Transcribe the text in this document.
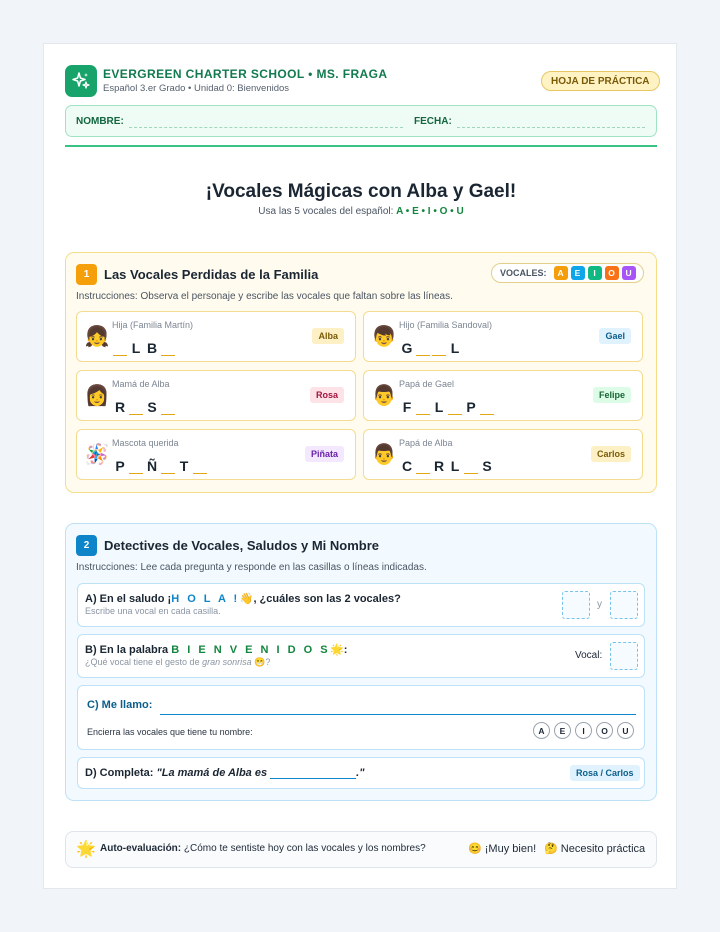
EVERGREEN CHARTER SCHOOL • MS. FRAGA
Español 3.er Grado • Unidad 0: Bienvenidos
HOJA DE PRÁCTICA
NOMBRE:	FECHA:
¡Vocales Mágicas con Alba y Gael!
Usa las 5 vocales del español: A • E • I • O • U
1	Las Vocales Perdidas de la Familia	VOCALES:	A	E	I	O	U
Instrucciones: Observa el personaje y escribe las vocales que faltan sobre las líneas.
👧
Hija (Familia Martín)
L B
Alba	👦
Hijo (Familia Sandoval)
G	L
Gael
👩
Mamá de Alba
R S
Rosa	👨
Papá de Gael
F L P
Felipe
🪅
Mascota querida
P Ñ T
Piñata	👨
Papá de Alba
C R L S
Carlos
2	Detectives de Vocales, Saludos y Mi Nombre
Instrucciones: Lee cada pregunta y responde en las casillas o líneas indicadas.
A) En el saludo ¡H O L A !👋, ¿cuáles son las 2 vocales?
Escribe una vocal en cada casilla.
y
B) En la palabra B I E N V E N I D O S🌟:
¿Qué vocal tiene el gesto de gran sonrisa 😁?
Vocal:
C) Me llamo:
Encierra las vocales que tiene tu nombre:	A	E	I	O	U
D) Completa: "La mamá de Alba es	."	Rosa / Carlos
🌟 Auto-evaluación: ¿Cómo te sentiste hoy con las vocales y los nombres?	😊 ¡Muy bien! 🤔 Necesito práctica
